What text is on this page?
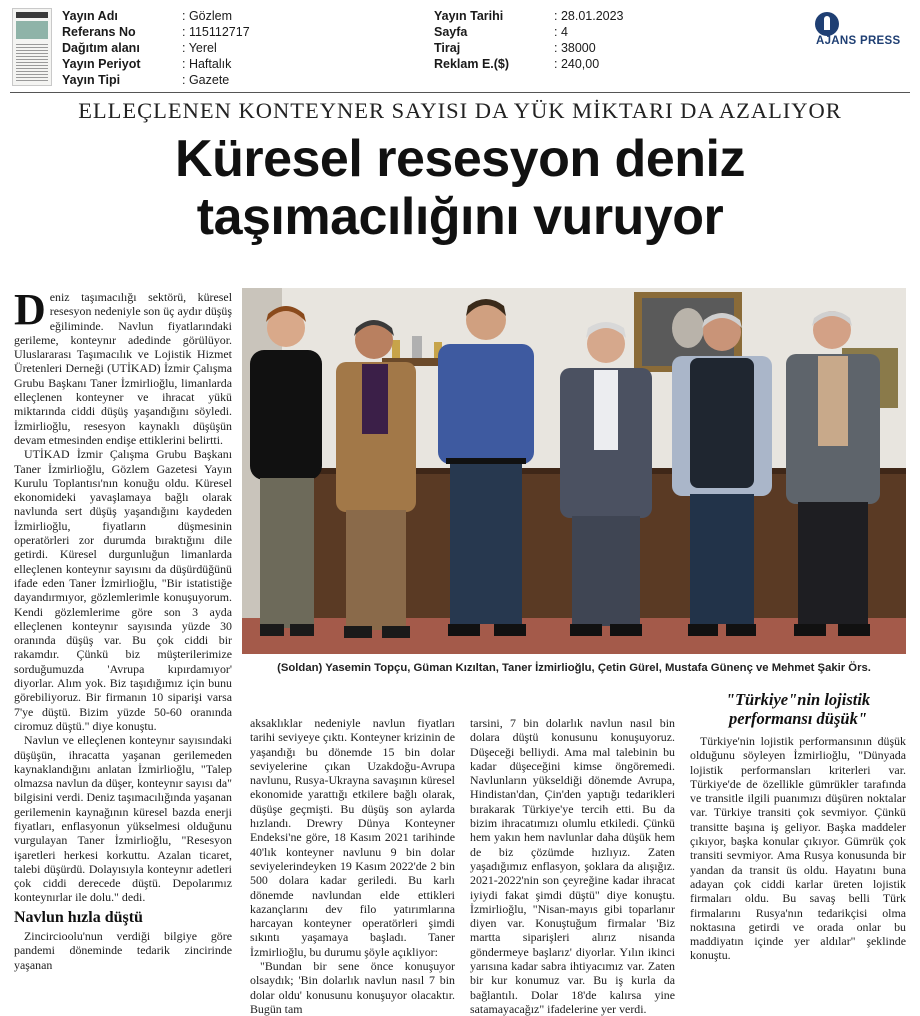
Yayın Adı	: Gözlem
Referans No	: 115112717
Dağıtım alanı	: Yerel
Yayın Periyot	: Haftalık
Yayın Tipi	: Gazete
Yayın Tarihi	: 28.01.2023
Sayfa	: 4
Tiraj	: 38000
Reklam E.($)	: 240,00
AJANS PRESS
ELLEÇLENEN KONTEYNER SAYISI DA YÜK MİKTARI DA AZALIYOR
Küresel resesyon deniz
taşımacılığını vuruyor
(Soldan) Yasemin Topçu, Güman Kızıltan, Taner İzmirlioğlu, Çetin Gürel, Mustafa Günenç ve Mehmet Şakir Örs.

Deniz taşımacılığı sektörü, küresel resesyon nedeniyle son üç aydır düşüş eğiliminde. Navlun fiyatlarındaki gerileme, konteynır adedinde görülüyor. Uluslararası Taşımacılık ve Lojistik Hizmet Üretenleri Derneği (UTİKAD) İzmir Çalışma Grubu Başkanı Taner İzmirlioğlu, limanlarda elleçlenen konteyner ve ihracat yükü miktarında ciddi düşüş yaşandığını söyledi. İzmirlioğlu, resesyon kaynaklı düşüşün devam etmesinden endişe ettiklerini belirtti.

UTİKAD İzmir Çalışma Grubu Başkanı Taner İzmirlioğlu, Gözlem Gazetesi Yayın Kurulu Toplantısı'nın konuğu oldu. Küresel ekonomideki yavaşlamaya bağlı olarak navlunda sert düşüş yaşandığını kaydeden İzmirlioğlu, fiyatların düşmesinin operatörleri zor durumda bıraktığını dile getirdi. Küresel durgunluğun limanlarda elleçlenen konteynır sayısını da düşürdüğünü ifade eden Taner İzmirlioğlu, "Bir istatistiğe dayandırmıyor, gözlemlerimle konuşuyorum. Kendi gözlemlerime göre son 3 ayda elleçlenen konteynır sayısında yüzde 30 oranında düşüş var. Bu çok ciddi bir rakamdır. Çünkü biz müşterilerimize sorduğumuzda 'Avrupa kıpırdamıyor' diyorlar. Alım yok. Biz taşıdığımız için bunu görebiliyoruz. Bir firmanın 10 siparişi varsa 7'ye düştü. Bizim yüzde 50-60 oranında ciromuz düştü." diye konuştu.

Navlun ve elleçlenen konteynır sayısındaki düşüşün, ihracatta yaşanan gerilemeden kaynaklandığını anlatan İzmirlioğlu, "Talep olmazsa navlun da düşer, konteynır sayısı da" bilgisini verdi. Deniz taşımacılığında yaşanan gerilemenin kaynağının küresel bazda enerji fiyatları, enflasyonun yükselmesi olduğunu vurgulayan Taner İzmirlioğlu, "Resesyon işaretleri herkesi korkuttu. Azalan ticaret, talebi düşürdü. Dolayısıyla konteynır adetleri çok ciddi derecede düştü. Depolarımız konteynırlar ile dolu." dedi.

Navlun hızla düştü

Zincircioolu'nun verdiği bilgiye göre pandemi döneminde tedarik zincirinde yaşanan

aksaklıklar nedeniyle navlun fiyatları tarihi seviyeye çıktı. Konteyner krizinin de yaşandığı bu dönemde 15 bin dolar seviyelerine çıkan Uzakdoğu-Avrupa navlunu, Rusya-Ukrayna savaşının küresel ekonomide yarattığı etkilere bağlı olarak, düşüşe geçmişti. Bu düşüş son aylarda hızlandı. Drewry Dünya Konteyner Endeksi'ne göre, 18 Kasım 2021 tarihinde 40'lık konteyner navlunu 9 bin dolar seviyelerindeyken 19 Kasım 2022'de 2 bin 500 dolara kadar geriledi. Bu karlı dönemde navlundan elde ettikleri kazançlarını dev filo yatırımlarına harcayan konteyner operatörleri şimdi sıkıntı yaşamaya başladı. Taner İzmirlioğlu, bu durumu şöyle açıkliyor:

"Bundan bir sene önce konuşuyor olsaydık; 'Bin dolarlık navlun nasıl 7 bin dolar oldu' konusunu konuşuyor olacaktır. Bugün tam

tarsini, 7 bin dolarlık navlun nasıl bin dolara düştü konusunu konuşuyoruz. Düşeceği belliydi. Ama mal talebinin bu kadar düşeceğini kimse öngöremedi. Navlunların yükseldiği dönemde Avrupa, Hindistan'dan, Çin'den yaptığı tedarikleri bırakarak Türkiye'ye tercih etti. Bu da bizim ihracatımızı olumlu etkiledi. Çünkü hem yakın hem navlunlar daha düşük hem de biz çözümde hızlıyız. Zaten yaşadığımız enflasyon, şoklara da alışığız. 2021-2022'nin son çeyreğine kadar ihracat iyiydi fakat şimdi düştü" diye konuştu. İzmirlioğlu, "Nisan-mayıs gibi toparlanır diyen var. Konuştuğum firmalar 'Biz martta siparişleri alırız nisanda göndermeye başlarız' diyorlar. Yılın ikinci yarısına kadar sabra ihtiyacımız var. Zaten bir kur konumuz var. Bu iş kurla da bağlantılı. Dolar 18'de kalırsa yine satamayacağız" ifadelerine yer verdi.

"Türkiye"nin lojistik
performansı düşük"

Türkiye'nin lojistik performansının düşük olduğunu söyleyen İzmirlioğlu, "Dünyada lojistik performansları kriterleri var. Türkiye'de de özellikle gümrükler tarafında ve transitle ilgili puanımızı düşüren noktalar var. Türkiye transiti çok sevmiyor. Çünkü transitte başına iş geliyor. Başka maddeler çıkıyor, başka konular çıkıyor. Gümrük çok transiti sevmiyor. Ama Rusya konusunda bir yandan da transit üs oldu. Hayatını buna adayan çok ciddi karlar üreten lojistik firmaları oldu. Bu savaş belli Türk firmalarını Rusya'nın tedarikçisi olma noktasına getirdi ve orada onlar bu maddiyatın içinde yer aldılar" şeklinde konuştu.
